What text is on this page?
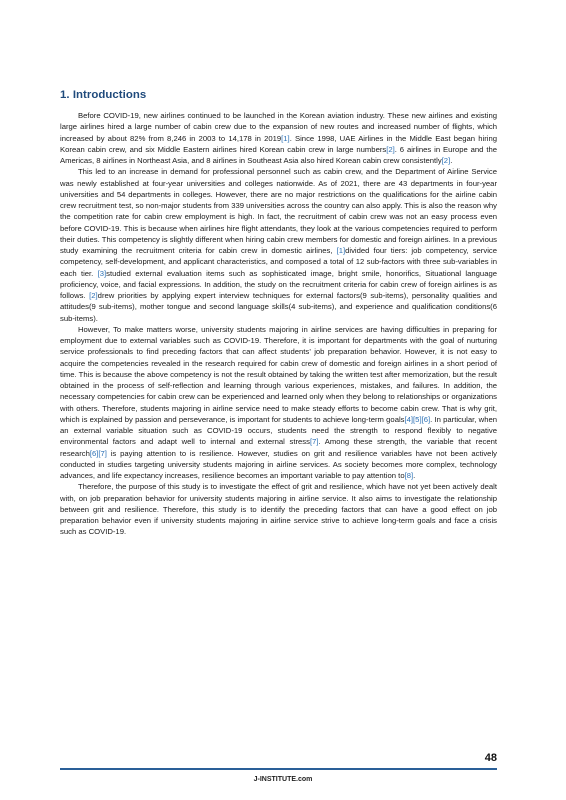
1. Introductions

Before COVID-19, new airlines continued to be launched in the Korean aviation industry. These new airlines and existing large airlines hired a large number of cabin crew due to the expansion of new routes and increased number of flights, which increased by about 82% from 8,246 in 2003 to 14,178 in 2019[1]. Since 1998, UAE Airlines in the Middle East began hiring Korean cabin crew, and six Middle Eastern airlines hired Korean cabin crew in large numbers[2]. 6 airlines in Europe and the Americas, 8 airlines in Northeast Asia, and 8 airlines in Southeast Asia also hired Korean cabin crew consistently[2].

This led to an increase in demand for professional personnel such as cabin crew, and the Department of Airline Service was newly established at four-year universities and colleges nationwide. As of 2021, there are 43 departments in four-year universities and 54 departments in colleges. However, there are no major restrictions on the qualifications for the airline cabin crew recruitment test, so non-major students from 339 universities across the country can also apply. This is also the reason why the competition rate for cabin crew employment is high. In fact, the recruitment of cabin crew was not an easy process even before COVID-19. This is because when airlines hire flight attendants, they look at the various competencies required to perform their duties. This competency is slightly different when hiring cabin crew members for domestic and foreign airlines. In a previous study examining the recruitment criteria for cabin crew in domestic airlines, [1]divided four tiers: job competency, service competency, self-development, and applicant characteristics, and composed a total of 12 sub-factors with three sub-variables in each tier. [3]studied external evaluation items such as sophisticated image, bright smile, honorifics, Situational language proficiency, voice, and facial expressions. In addition, the study on the recruitment criteria for cabin crew of foreign airlines is as follows. [2]drew priorities by applying expert interview techniques for external factors(9 sub-items), personality qualities and attitudes(9 sub-items), mother tongue and second language skills(4 sub-items), and experience and qualification conditions(6 sub-items).

However, To make matters worse, university students majoring in airline services are having difficulties in preparing for employment due to external variables such as COVID-19. Therefore, it is important for departments with the goal of nurturing service professionals to find preceding factors that can affect students’ job preparation behavior. However, it is not easy to acquire the competencies revealed in the research required for cabin crew of domestic and foreign airlines in a short period of time. This is because the above competency is not the result obtained by taking the written test after memorization, but the result obtained in the process of self-reflection and learning through various experiences, mistakes, and failures. In addition, the necessary competencies for cabin crew can be experienced and learned only when they belong to relationships or organizations with others. Therefore, students majoring in airline service need to make steady efforts to become cabin crew. That is why grit, which is explained by passion and perseverance, is important for students to achieve long-term goals[4][5][6]. In particular, when an external variable situation such as COVID-19 occurs, students need the strength to respond flexibly to negative environmental factors and adapt well to internal and external stress[7]. Among these strength, the variable that recent research[6][7] is paying attention to is resilience. However, studies on grit and resilience variables have not been actively conducted in studies targeting university students majoring in airline services. As society becomes more complex, technology advances, and life expectancy increases, resilience becomes an important variable to pay attention to[8].

Therefore, the purpose of this study is to investigate the effect of grit and resilience, which have not yet been actively dealt with, on job preparation behavior for university students majoring in airline service. It also aims to investigate the relationship between grit and resilience. Therefore, this study is to identify the preceding factors that can have a good effect on job preparation behavior even if university students majoring in airline service strive to achieve long-term goals and face a crisis such as COVID-19.

48
J-INSTITUTE.com
